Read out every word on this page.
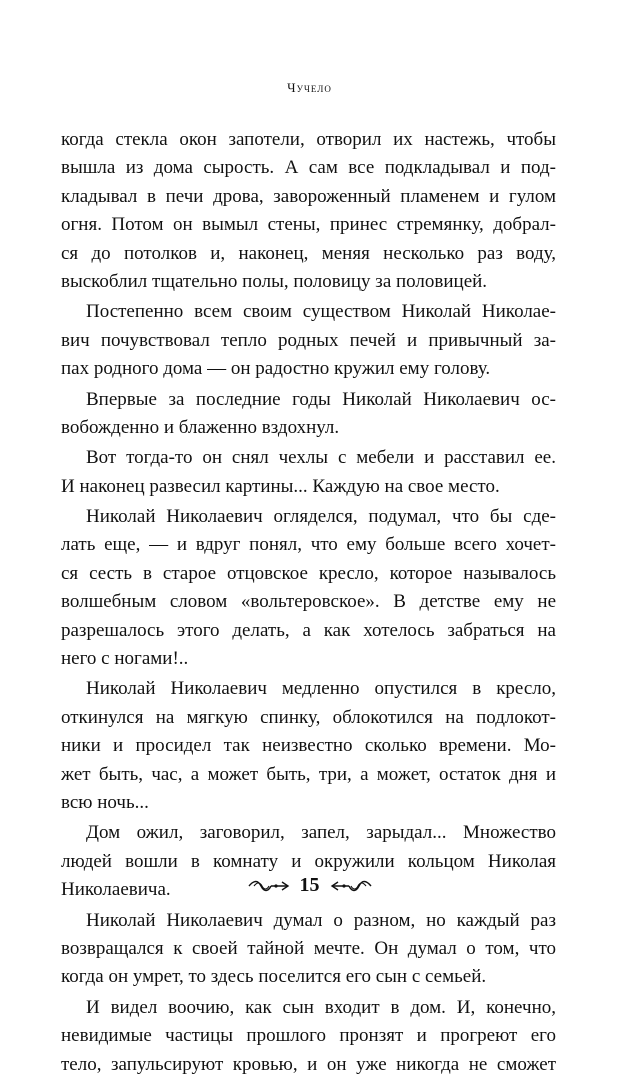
Чучело
когда стекла окон запотели, отворил их настежь, чтобы
вышла из дома сырость. А сам все подкладывал и под-
кладывал в печи дрова, завороженный пламенем и гулом
огня. Потом он вымыл стены, принес стремянку, добрал-
ся до потолков и, наконец, меняя несколько раз воду,
выскоблил тщательно полы, половицу за половицей.
Постепенно всем своим существом Николай Николае-
вич почувствовал тепло родных печей и привычный за-
пах родного дома — он радостно кружил ему голову.
Впервые за последние годы Николай Николаевич ос-
вобожденно и блаженно вздохнул.
Вот тогда-то он снял чехлы с мебели и расставил ее.
И наконец развесил картины... Каждую на свое место.
Николай Николаевич огляделся, подумал, что бы сде-
лать еще, — и вдруг понял, что ему больше всего хочет-
ся сесть в старое отцовское кресло, которое называлось
волшебным словом «вольтеровское». В детстве ему не
разрешалось этого делать, а как хотелось забраться на
него с ногами!..
Николай Николаевич медленно опустился в кресло,
откинулся на мягкую спинку, облокотился на подлокот-
ники и просидел так неизвестно сколько времени. Мо-
жет быть, час, а может быть, три, а может, остаток дня и
всю ночь...
Дом ожил, заговорил, запел, зарыдал... Множество
людей вошли в комнату и окружили кольцом Николая
Николаевича.
Николай Николаевич думал о разном, но каждый раз
возвращался к своей тайной мечте. Он думал о том, что
когда он умрет, то здесь поселится его сын с семьей.
И видел воочию, как сын входит в дом. И, конечно,
невидимые частицы прошлого пронзят и прогреют его
тело, запульсируют кровью, и он уже никогда не сможет
15
